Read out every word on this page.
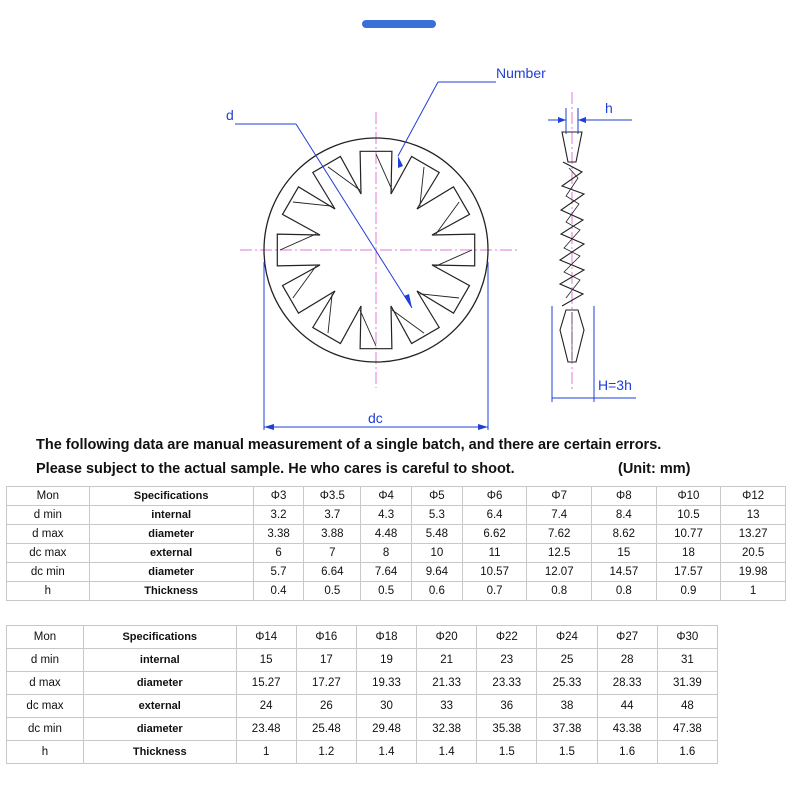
d
Number
dc
h
H=3h
The following data are manual measurement of a single batch, and there are certain errors.
Please subject to the actual sample. He who cares is careful to shoot.	(Unit: mm)
Mon	Specifications	Φ3	Φ3.5	Φ4	Φ5	Φ6	Φ7	Φ8	Φ10	Φ12
d min	internal	3.2	3.7	4.3	5.3	6.4	7.4	8.4	10.5	13
d max	diameter	3.38	3.88	4.48	5.48	6.62	7.62	8.62	10.77	13.27
dc max	external	6	7	8	10	11	12.5	15	18	20.5
dc min	diameter	5.7	6.64	7.64	9.64	10.57	12.07	14.57	17.57	19.98
h	Thickness	0.4	0.5	0.5	0.6	0.7	0.8	0.8	0.9	1
Mon	Specifications	Φ14	Φ16	Φ18	Φ20	Φ22	Φ24	Φ27	Φ30
d min	internal	15	17	19	21	23	25	28	31
d max	diameter	15.27	17.27	19.33	21.33	23.33	25.33	28.33	31.39
dc max	external	24	26	30	33	36	38	44	48
dc min	diameter	23.48	25.48	29.48	32.38	35.38	37.38	43.38	47.38
h	Thickness	1	1.2	1.4	1.4	1.5	1.5	1.6	1.6
